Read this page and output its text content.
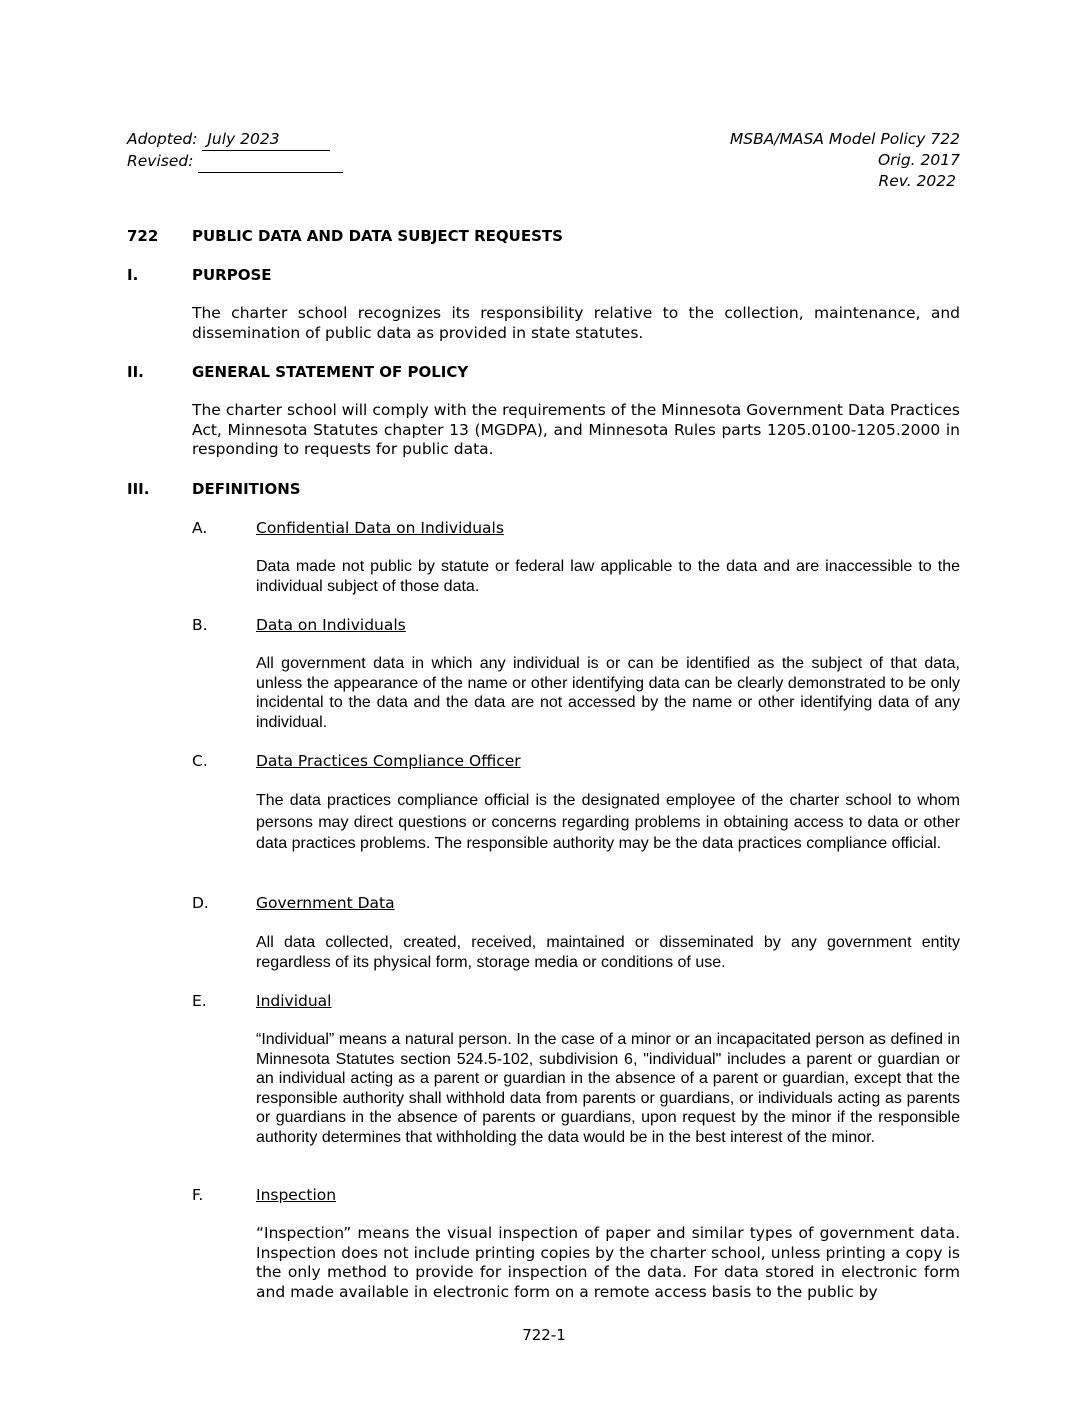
Adopted: July 2023
Revised:
MSBA/MASA Model Policy 722
Orig. 2017
Rev. 2022
722 PUBLIC DATA AND DATA SUBJECT REQUESTS
I.	PURPOSE
The charter school recognizes its responsibility relative to the collection, maintenance, and dissemination of public data as provided in state statutes.
II.	GENERAL STATEMENT OF POLICY
The charter school will comply with the requirements of the Minnesota Government Data Practices Act, Minnesota Statutes chapter 13 (MGDPA), and Minnesota Rules parts 1205.0100-1205.2000 in responding to requests for public data.
III.	DEFINITIONS
A.	Confidential Data on Individuals
Data made not public by statute or federal law applicable to the data and are inaccessible to the individual subject of those data.
B.	Data on Individuals
All government data in which any individual is or can be identified as the subject of that data, unless the appearance of the name or other identifying data can be clearly demonstrated to be only incidental to the data and the data are not accessed by the name or other identifying data of any individual.
C.	Data Practices Compliance Officer
The data practices compliance official is the designated employee of the charter school to whom persons may direct questions or concerns regarding problems in obtaining access to data or other data practices problems. The responsible authority may be the data practices compliance official.
D.	Government Data
All data collected, created, received, maintained or disseminated by any government entity regardless of its physical form, storage media or conditions of use.
E.	Individual
“Individual” means a natural person. In the case of a minor or an incapacitated person as defined in Minnesota Statutes section 524.5-102, subdivision 6, "individual" includes a parent or guardian or an individual acting as a parent or guardian in the absence of a parent or guardian, except that the responsible authority shall withhold data from parents or guardians, or individuals acting as parents or guardians in the absence of parents or guardians, upon request by the minor if the responsible authority determines that withholding the data would be in the best interest of the minor.
F.	Inspection
“Inspection” means the visual inspection of paper and similar types of government data. Inspection does not include printing copies by the charter school, unless printing a copy is the only method to provide for inspection of the data. For data stored in electronic form and made available in electronic form on a remote access basis to the public by
722-1
